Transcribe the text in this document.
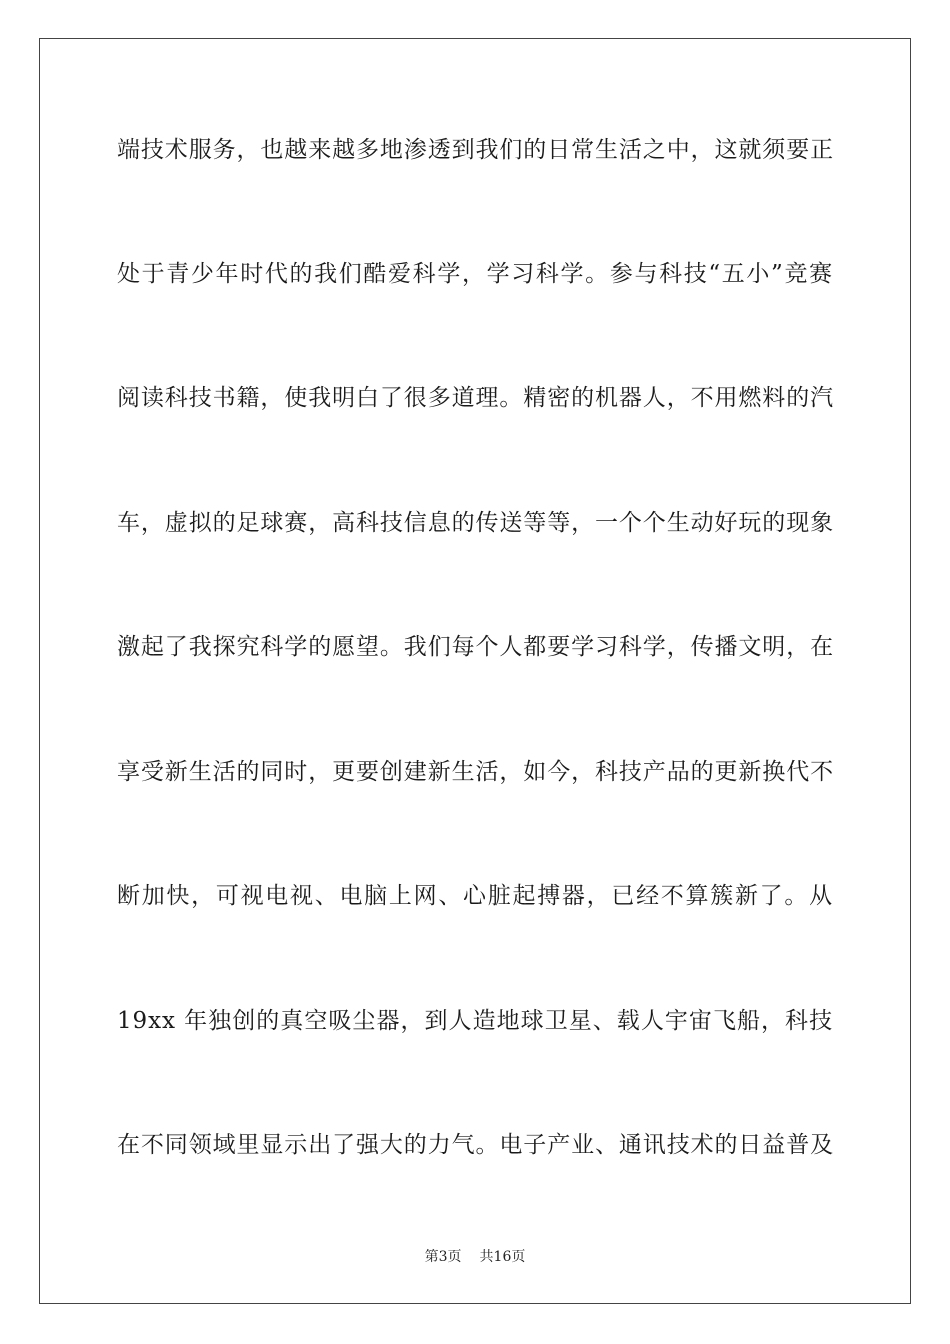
端技术服务，也越来越多地渗透到我们的日常生活之中，这就须要正
处于青少年时代的我们酷爱科学，学习科学。参与科技“五小”竞赛
阅读科技书籍，使我明白了很多道理。精密的机器人，不用燃料的汽
车，虚拟的足球赛，高科技信息的传送等等，一个个生动好玩的现象
激起了我探究科学的愿望。我们每个人都要学习科学，传播文明，在
享受新生活的同时，更要创建新生活，如今，科技产品的更新换代不
断加快，可视电视、电脑上网、心脏起搏器，已经不算簇新了。从
19xx 年独创的真空吸尘器，到人造地球卫星、载人宇宙飞船，科技
在不同领域里显示出了强大的力气。电子产业、通讯技术的日益普及
第3页 共16页
